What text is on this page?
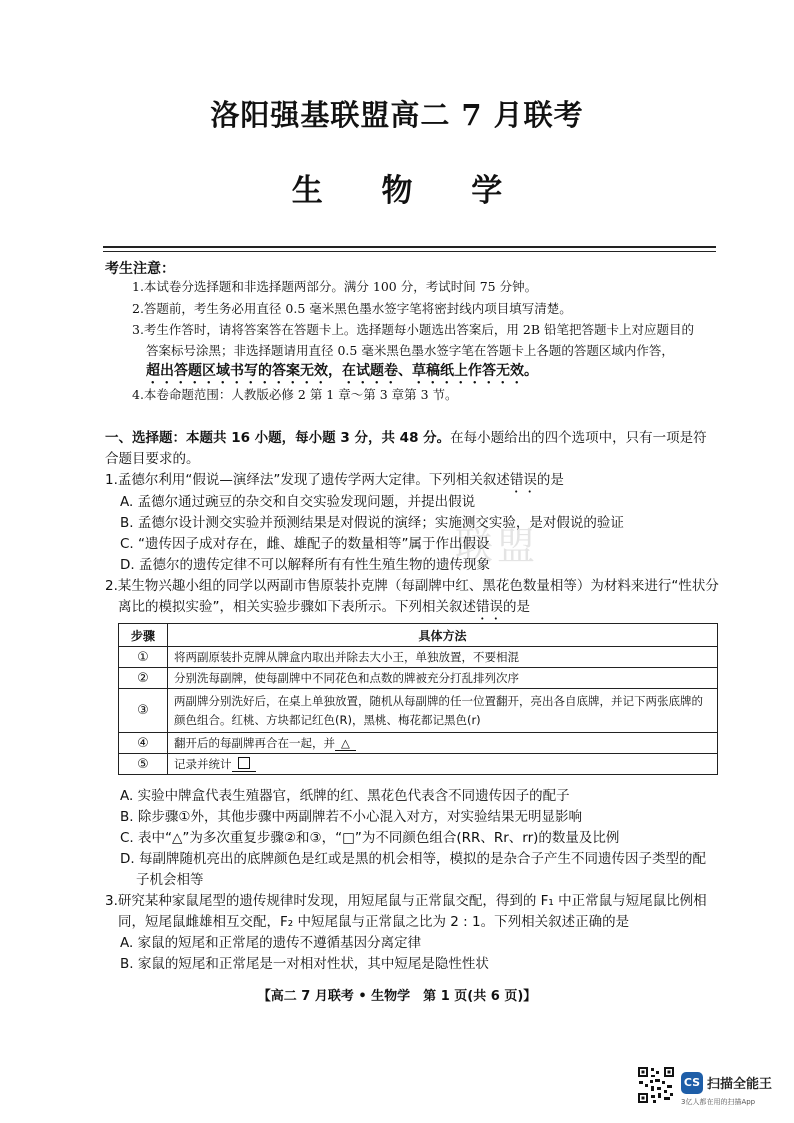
洛阳强基联盟高二 7 月联考
生 物 学
联盟
考生注意：
1.本试卷分选择题和非选择题两部分。满分 100 分，考试时间 75 分钟。
2.答题前，考生务必用直径 0.5 毫米黑色墨水签字笔将密封线内项目填写清楚。
3.考生作答时，请将答案答在答题卡上。选择题每小题选出答案后，用 2B 铅笔把答题卡上对应题目的
答案标号涂黑；非选择题请用直径 0.5 毫米黑色墨水签字笔在答题卡上各题的答题区域内作答，
超出答题区域书写的答案无效，在试题卷、草稿纸上作答无效。
4.本卷命题范围：人教版必修 2 第 1 章～第 3 章第 3 节。
一、选择题：本题共 16 小题，每小题 3 分，共 48 分。在每小题给出的四个选项中，只有一项是符合题目要求的。
1.孟德尔利用“假说—演绎法”发现了遗传学两大定律。下列相关叙述错误的是
A. 孟德尔通过豌豆的杂交和自交实验发现问题，并提出假说
B. 孟德尔设计测交实验并预测结果是对假说的演绎；实施测交实验，是对假说的验证
C. “遗传因子成对存在，雌、雄配子的数量相等”属于作出假设
D. 孟德尔的遗传定律不可以解释所有有性生殖生物的遗传现象
2.某生物兴趣小组的同学以两副市售原装扑克牌（每副牌中红、黑花色数量相等）为材料来进行“性状分
离比的模拟实验”，相关实验步骤如下表所示。下列相关叙述错误的是
步骤	具体方法
①	将两副原装扑克牌从牌盒内取出并除去大小王，单独放置，不要相混
②	分别洗每副牌，使每副牌中不同花色和点数的牌被充分打乱排列次序
③	两副牌分别洗好后，在桌上单独放置，随机从每副牌的任一位置翻开，亮出各自底牌，并记下两张底牌的颜色组合。红桃、方块都记红色(R)，黑桃、梅花都记黑色(r)
④	翻开后的每副牌再合在一起，并 △
⑤	记录并统计
A. 实验中牌盒代表生殖器官，纸牌的红、黑花色代表含不同遗传因子的配子
B. 除步骤①外，其他步骤中两副牌若不小心混入对方，对实验结果无明显影响
C. 表中“△”为多次重复步骤②和③，“□”为不同颜色组合(RR、Rr、rr)的数量及比例
D. 每副牌随机亮出的底牌颜色是红或是黑的机会相等，模拟的是杂合子产生不同遗传因子类型的配
子机会相等
3.研究某种家鼠尾型的遗传规律时发现，用短尾鼠与正常鼠交配，得到的 F₁ 中正常鼠与短尾鼠比例相
同，短尾鼠雌雄相互交配，F₂ 中短尾鼠与正常鼠之比为 2 : 1。下列相关叙述正确的是
A. 家鼠的短尾和正常尾的遗传不遵循基因分离定律
B. 家鼠的短尾和正常尾是一对相对性状，其中短尾是隐性性状
【高二 7 月联考 • 生物学　第 1 页(共 6 页)】
CS 扫描全能王
3亿人都在用的扫描App
